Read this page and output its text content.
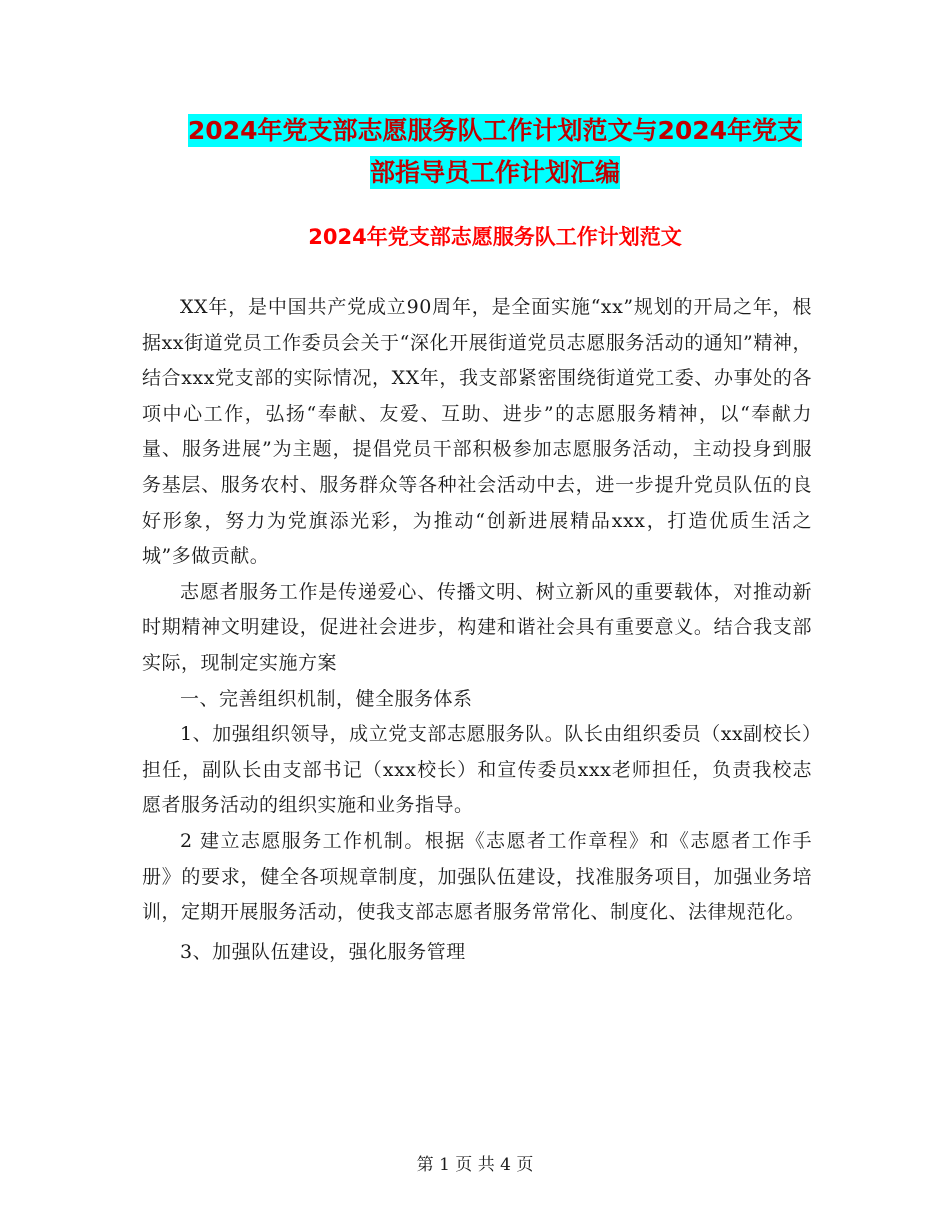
2024年党支部志愿服务队工作计划范文与2024年党支
部指导员工作计划汇编
2024年党支部志愿服务队工作计划范文

XX年，是中国共产党成立90周年，是全面实施“xx”规划的开局之年，根据xx街道党员工作委员会关于“深化开展街道党员志愿服务活动的通知”精神，结合xxx党支部的实际情况，XX年，我支部紧密围绕街道党工委、办事处的各项中心工作，弘扬“奉献、友爱、互助、进步”的志愿服务精神，以“奉献力量、服务进展”为主题，提倡党员干部积极参加志愿服务活动，主动投身到服务基层、服务农村、服务群众等各种社会活动中去，进一步提升党员队伍的良好形象，努力为党旗添光彩，为推动“创新进展精品xxx，打造优质生活之城”多做贡献。

志愿者服务工作是传递爱心、传播文明、树立新风的重要载体，对推动新时期精神文明建设，促进社会进步，构建和谐社会具有重要意义。结合我支部实际，现制定实施方案

一、完善组织机制，健全服务体系

1、加强组织领导，成立党支部志愿服务队。队长由组织委员（xx副校长）担任，副队长由支部书记（xxx校长）和宣传委员xxx老师担任，负责我校志愿者服务活动的组织实施和业务指导。

2 建立志愿服务工作机制。根据《志愿者工作章程》和《志愿者工作手册》的要求，健全各项规章制度，加强队伍建设，找准服务项目，加强业务培训，定期开展服务活动，使我支部志愿者服务常常化、制度化、法律规范化。

3、加强队伍建设，强化服务管理

第 1 页 共 4 页
